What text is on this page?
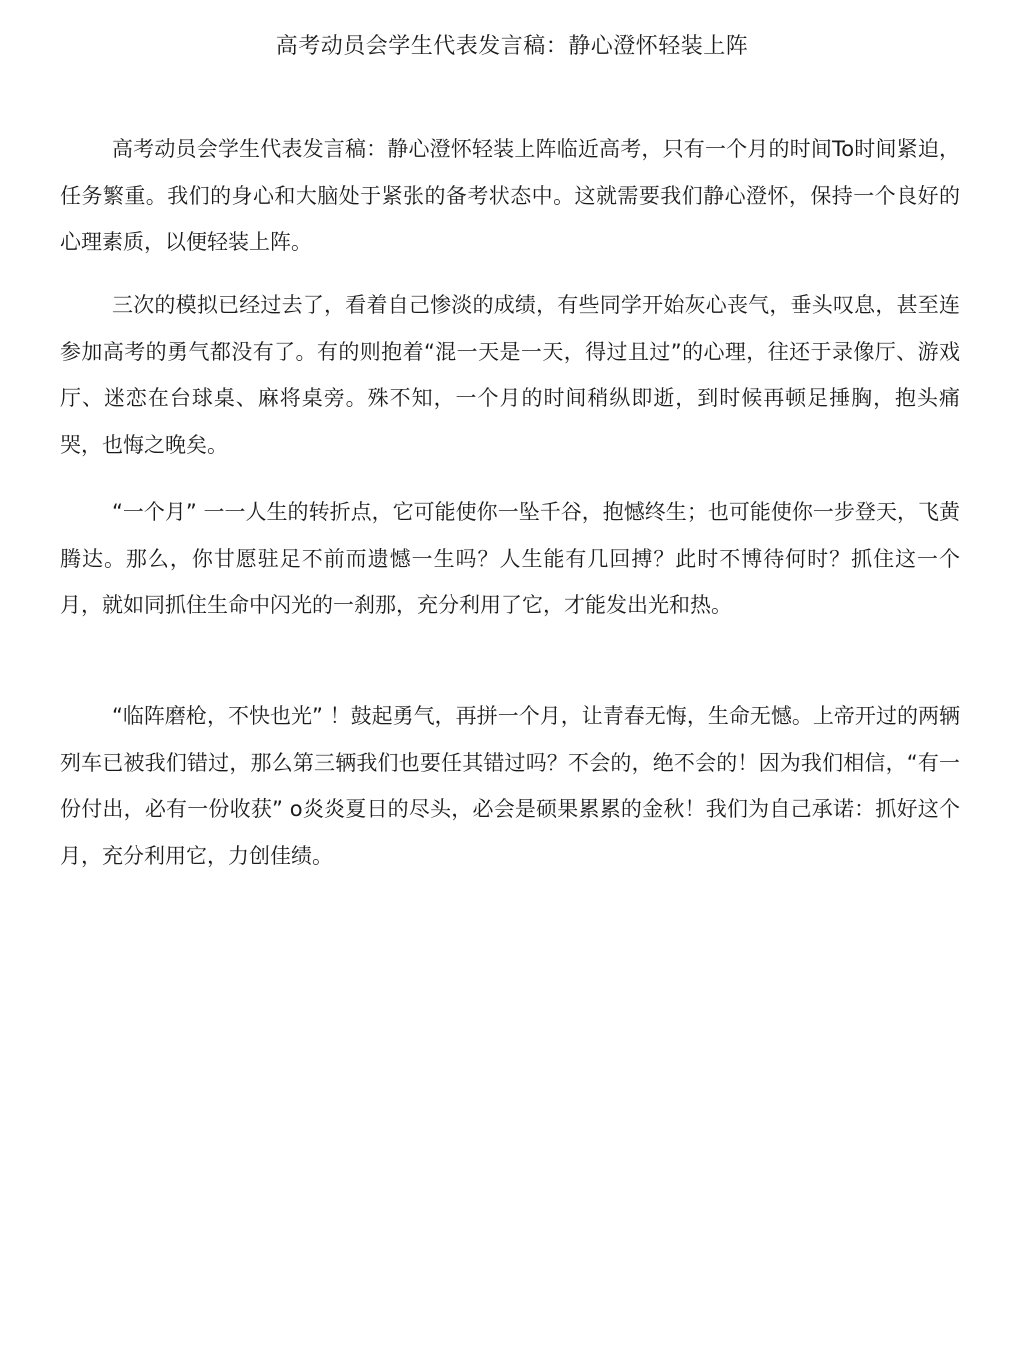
高考动员会学生代表发言稿：静心澄怀轻装上阵

高考动员会学生代表发言稿：静心澄怀轻装上阵临近高考，只有一个月的时间To时间紧迫，任务繁重。我们的身心和大脑处于紧张的备考状态中。这就需要我们静心澄怀，保持一个良好的心理素质，以便轻装上阵。

三次的模拟已经过去了，看着自己惨淡的成绩，有些同学开始灰心丧气，垂头叹息，甚至连参加高考的勇气都没有了。有的则抱着“混一天是一天，得过且过”的心理，往还于录像厅、游戏厅、迷恋在台球桌、麻将桌旁。殊不知，一个月的时间稍纵即逝，到时候再顿足捶胸，抱头痛哭，也悔之晚矣。

“一个月” 一一人生的转折点，它可能使你一坠千谷，抱憾终生；也可能使你一步登天，飞黄腾达。那么，你甘愿驻足不前而遗憾一生吗？人生能有几回搏？此时不博待何时？抓住这一个月，就如同抓住生命中闪光的一刹那，充分利用了它，才能发出光和热。

“临阵磨枪，不快也光” ！鼓起勇气，再拼一个月，让青春无悔，生命无憾。上帝开过的两辆列车已被我们错过，那么第三辆我们也要任其错过吗？不会的，绝不会的！因为我们相信，“有一份付出，必有一份收获” o炎炎夏日的尽头，必会是硕果累累的金秋！我们为自己承诺：抓好这个月，充分利用它，力创佳绩。
